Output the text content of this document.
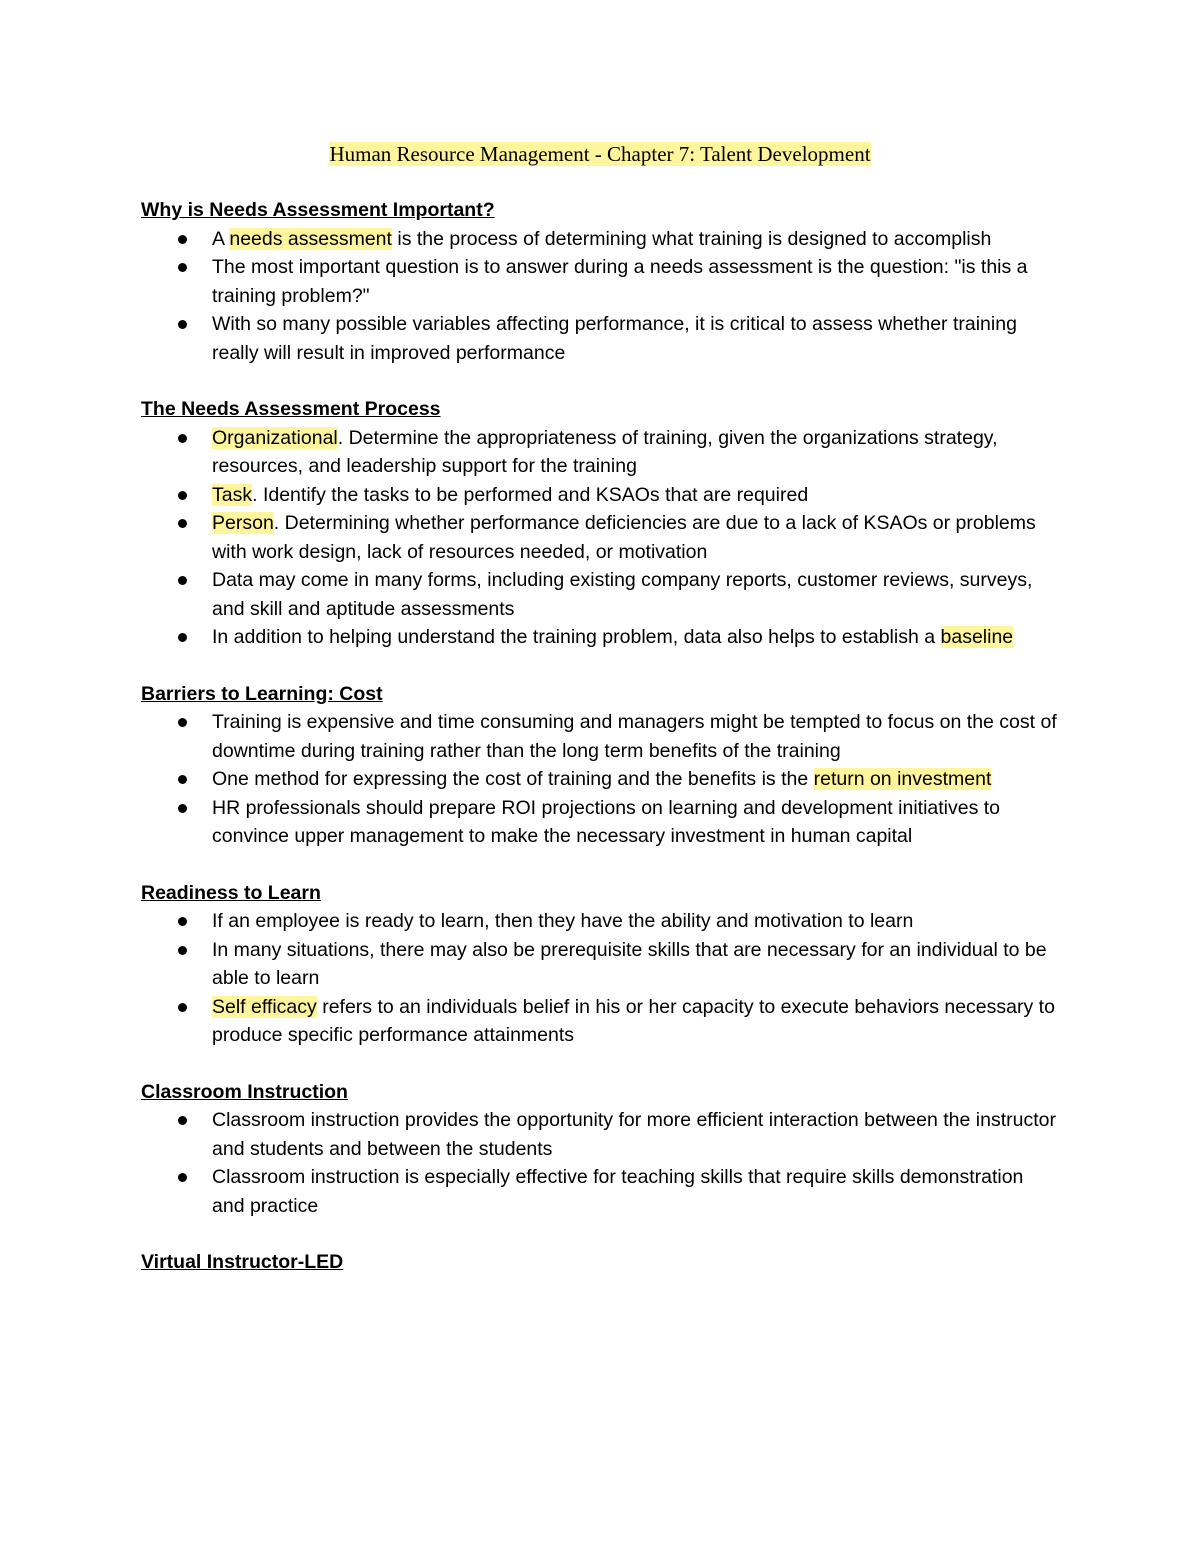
Human Resource Management - Chapter 7: Talent Development

Why is Needs Assessment Important?

A needs assessment is the process of determining what training is designed to accomplish
The most important question is to answer during a needs assessment is the question: "is this a training problem?"
With so many possible variables affecting performance, it is critical to assess whether training really will result in improved performance

The Needs Assessment Process

Organizational. Determine the appropriateness of training, given the organizations strategy, resources, and leadership support for the training
Task. Identify the tasks to be performed and KSAOs that are required
Person. Determining whether performance deficiencies are due to a lack of KSAOs or problems with work design, lack of resources needed, or motivation
Data may come in many forms, including existing company reports, customer reviews, surveys, and skill and aptitude assessments
In addition to helping understand the training problem, data also helps to establish a baseline

Barriers to Learning: Cost

Training is expensive and time consuming and managers might be tempted to focus on the cost of downtime during training rather than the long term benefits of the training
One method for expressing the cost of training and the benefits is the return on investment
HR professionals should prepare ROI projections on learning and development initiatives to convince upper management to make the necessary investment in human capital

Readiness to Learn

If an employee is ready to learn, then they have the ability and motivation to learn
In many situations, there may also be prerequisite skills that are necessary for an individual to be able to learn
Self efficacy refers to an individuals belief in his or her capacity to execute behaviors necessary to produce specific performance attainments

Classroom Instruction

Classroom instruction provides the opportunity for more efficient interaction between the instructor and students and between the students
Classroom instruction is especially effective for teaching skills that require skills demonstration and practice

Virtual Instructor-LED
